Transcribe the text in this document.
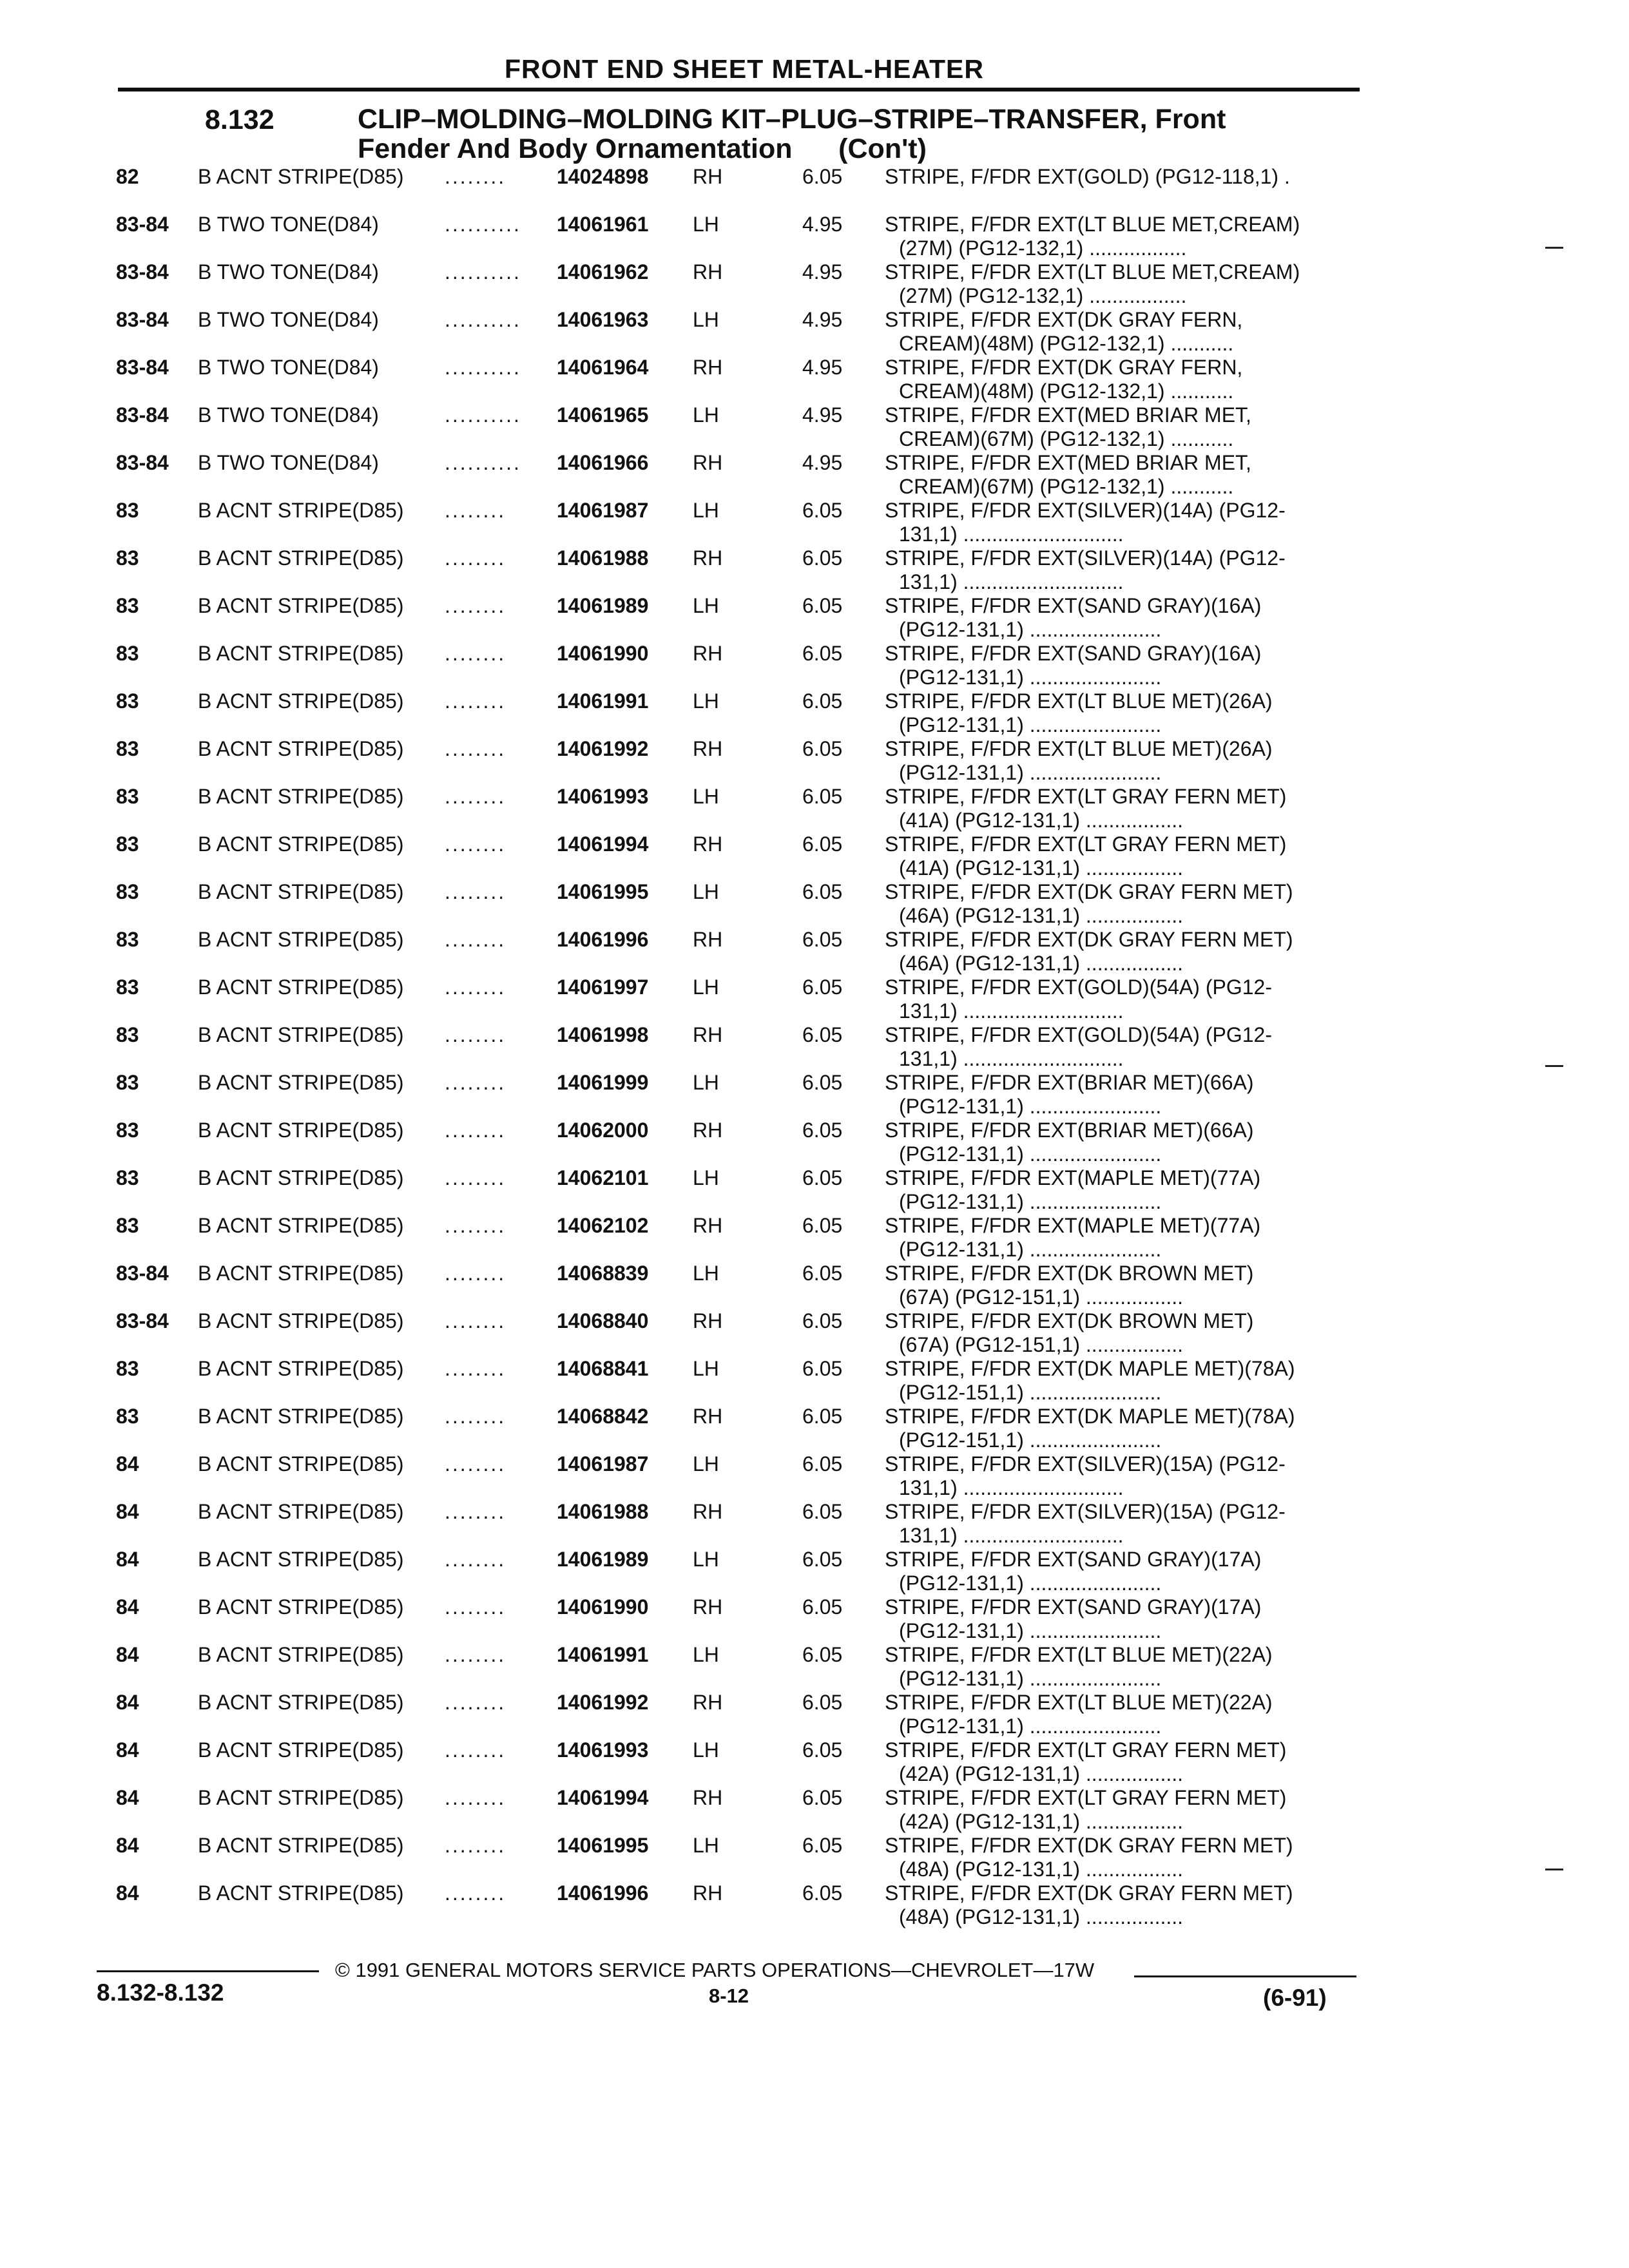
FRONT END SHEET METAL-HEATER
8.132	CLIP–MOLDING–MOLDING KIT–PLUG–STRIPE–TRANSFER, Front
Fender And Body Ornamentation      (Con't)
82	B ACNT STRIPE(D85) ........ 14024898 RH	6.05 STRIPE, F/FDR EXT(GOLD) (PG12-118,1) .
83-84 B TWO TONE(D84)	.......... 14061961 LH	4.95 STRIPE, F/FDR EXT(LT BLUE MET,CREAM)
(27M) (PG12-132,1) .................
83-84 B TWO TONE(D84)	.......... 14061962 RH	4.95 STRIPE, F/FDR EXT(LT BLUE MET,CREAM)
(27M) (PG12-132,1) .................
83-84 B TWO TONE(D84)	.......... 14061963 LH	4.95 STRIPE, F/FDR EXT(DK GRAY FERN,
CREAM)(48M) (PG12-132,1) ...........
83-84 B TWO TONE(D84)	.......... 14061964 RH	4.95 STRIPE, F/FDR EXT(DK GRAY FERN,
CREAM)(48M) (PG12-132,1) ...........
83-84 B TWO TONE(D84)	.......... 14061965 LH	4.95 STRIPE, F/FDR EXT(MED BRIAR MET,
CREAM)(67M) (PG12-132,1) ...........
83-84 B TWO TONE(D84)	.......... 14061966 RH	4.95 STRIPE, F/FDR EXT(MED BRIAR MET,
CREAM)(67M) (PG12-132,1) ...........
83	B ACNT STRIPE(D85) ........ 14061987 LH	6.05 STRIPE, F/FDR EXT(SILVER)(14A) (PG12-
131,1) ............................
83	B ACNT STRIPE(D85) ........ 14061988 RH	6.05 STRIPE, F/FDR EXT(SILVER)(14A) (PG12-
131,1) ............................
83	B ACNT STRIPE(D85) ........ 14061989 LH	6.05 STRIPE, F/FDR EXT(SAND GRAY)(16A)
(PG12-131,1) .......................
83	B ACNT STRIPE(D85) ........ 14061990 RH	6.05 STRIPE, F/FDR EXT(SAND GRAY)(16A)
(PG12-131,1) .......................
83	B ACNT STRIPE(D85) ........ 14061991 LH	6.05 STRIPE, F/FDR EXT(LT BLUE MET)(26A)
(PG12-131,1) .......................
83	B ACNT STRIPE(D85) ........ 14061992 RH	6.05 STRIPE, F/FDR EXT(LT BLUE MET)(26A)
(PG12-131,1) .......................
83	B ACNT STRIPE(D85) ........ 14061993 LH	6.05 STRIPE, F/FDR EXT(LT GRAY FERN MET)
(41A) (PG12-131,1) .................
83	B ACNT STRIPE(D85) ........ 14061994 RH	6.05 STRIPE, F/FDR EXT(LT GRAY FERN MET)
(41A) (PG12-131,1) .................
83	B ACNT STRIPE(D85) ........ 14061995 LH	6.05 STRIPE, F/FDR EXT(DK GRAY FERN MET)
(46A) (PG12-131,1) .................
83	B ACNT STRIPE(D85) ........ 14061996 RH	6.05 STRIPE, F/FDR EXT(DK GRAY FERN MET)
(46A) (PG12-131,1) .................
83	B ACNT STRIPE(D85) ........ 14061997 LH	6.05 STRIPE, F/FDR EXT(GOLD)(54A) (PG12-
131,1) ............................
83	B ACNT STRIPE(D85) ........ 14061998 RH	6.05 STRIPE, F/FDR EXT(GOLD)(54A) (PG12-
131,1) ............................
83	B ACNT STRIPE(D85) ........ 14061999 LH	6.05 STRIPE, F/FDR EXT(BRIAR MET)(66A)
(PG12-131,1) .......................
83	B ACNT STRIPE(D85) ........ 14062000 RH	6.05 STRIPE, F/FDR EXT(BRIAR MET)(66A)
(PG12-131,1) .......................
83	B ACNT STRIPE(D85) ........ 14062101 LH	6.05 STRIPE, F/FDR EXT(MAPLE MET)(77A)
(PG12-131,1) .......................
83	B ACNT STRIPE(D85) ........ 14062102 RH	6.05 STRIPE, F/FDR EXT(MAPLE MET)(77A)
(PG12-131,1) .......................
83-84 B ACNT STRIPE(D85) ........ 14068839 LH	6.05 STRIPE, F/FDR EXT(DK BROWN MET)
(67A) (PG12-151,1) .................
83-84 B ACNT STRIPE(D85) ........ 14068840 RH	6.05 STRIPE, F/FDR EXT(DK BROWN MET)
(67A) (PG12-151,1) .................
83	B ACNT STRIPE(D85) ........ 14068841 LH	6.05 STRIPE, F/FDR EXT(DK MAPLE MET)(78A)
(PG12-151,1) .......................
83	B ACNT STRIPE(D85) ........ 14068842 RH	6.05 STRIPE, F/FDR EXT(DK MAPLE MET)(78A)
(PG12-151,1) .......................
84	B ACNT STRIPE(D85) ........ 14061987 LH	6.05 STRIPE, F/FDR EXT(SILVER)(15A) (PG12-
131,1) ............................
84	B ACNT STRIPE(D85) ........ 14061988 RH	6.05 STRIPE, F/FDR EXT(SILVER)(15A) (PG12-
131,1) ............................
84	B ACNT STRIPE(D85) ........ 14061989 LH	6.05 STRIPE, F/FDR EXT(SAND GRAY)(17A)
(PG12-131,1) .......................
84	B ACNT STRIPE(D85) ........ 14061990 RH	6.05 STRIPE, F/FDR EXT(SAND GRAY)(17A)
(PG12-131,1) .......................
84	B ACNT STRIPE(D85) ........ 14061991 LH	6.05 STRIPE, F/FDR EXT(LT BLUE MET)(22A)
(PG12-131,1) .......................
84	B ACNT STRIPE(D85) ........ 14061992 RH	6.05 STRIPE, F/FDR EXT(LT BLUE MET)(22A)
(PG12-131,1) .......................
84	B ACNT STRIPE(D85) ........ 14061993 LH	6.05 STRIPE, F/FDR EXT(LT GRAY FERN MET)
(42A) (PG12-131,1) .................
84	B ACNT STRIPE(D85) ........ 14061994 RH	6.05 STRIPE, F/FDR EXT(LT GRAY FERN MET)
(42A) (PG12-131,1) .................
84	B ACNT STRIPE(D85) ........ 14061995 LH	6.05 STRIPE, F/FDR EXT(DK GRAY FERN MET)
(48A) (PG12-131,1) .................
84	B ACNT STRIPE(D85) ........ 14061996 RH	6.05 STRIPE, F/FDR EXT(DK GRAY FERN MET)
(48A) (PG12-131,1) .................
© 1991 GENERAL MOTORS SERVICE PARTS OPERATIONS—CHEVROLET—17W
8.132-8.132	8-12	(6-91)
